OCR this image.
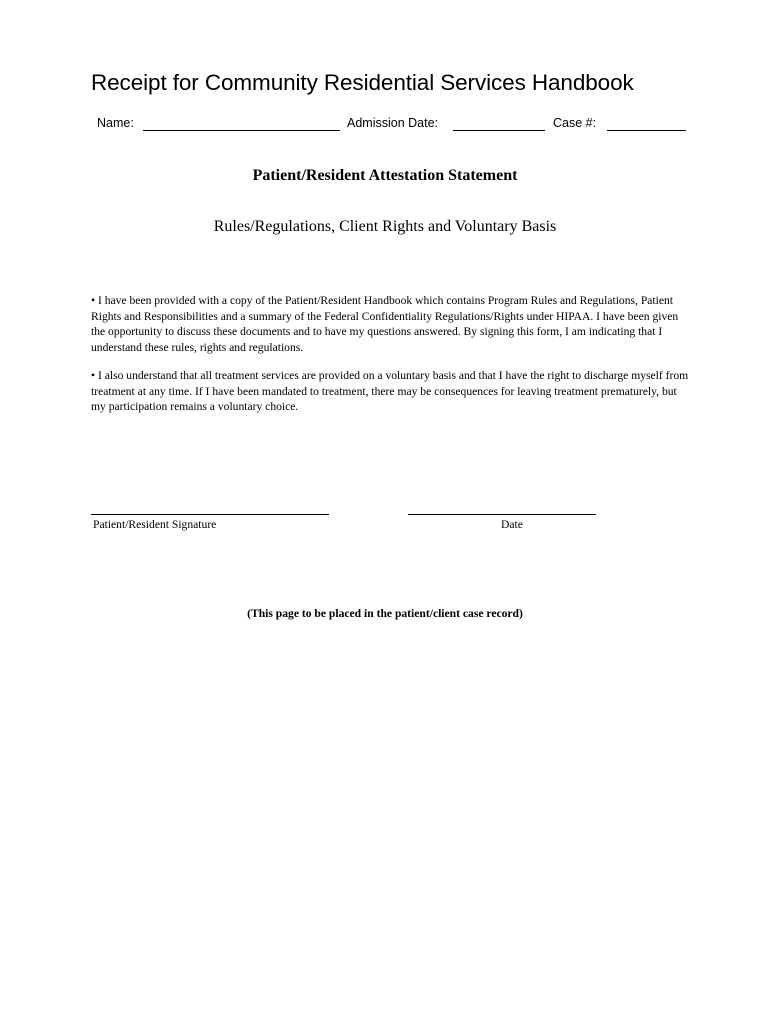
Receipt for Community Residential Services Handbook
Name:	Admission Date:	Case #:
Patient/Resident Attestation Statement
Rules/Regulations, Client Rights and Voluntary Basis
• I have been provided with a copy of the Patient/Resident Handbook which contains Program Rules and Regulations, Patient Rights and Responsibilities and a summary of the Federal Confidentiality Regulations/Rights under HIPAA. I have been given the opportunity to discuss these documents and to have my questions answered. By signing this form, I am indicating that I understand these rules, rights and regulations.
• I also understand that all treatment services are provided on a voluntary basis and that I have the right to discharge myself from treatment at any time. If I have been mandated to treatment, there may be consequences for leaving treatment prematurely, but my participation remains a voluntary choice.
Patient/Resident Signature	Date
(This page to be placed in the patient/client case record)
